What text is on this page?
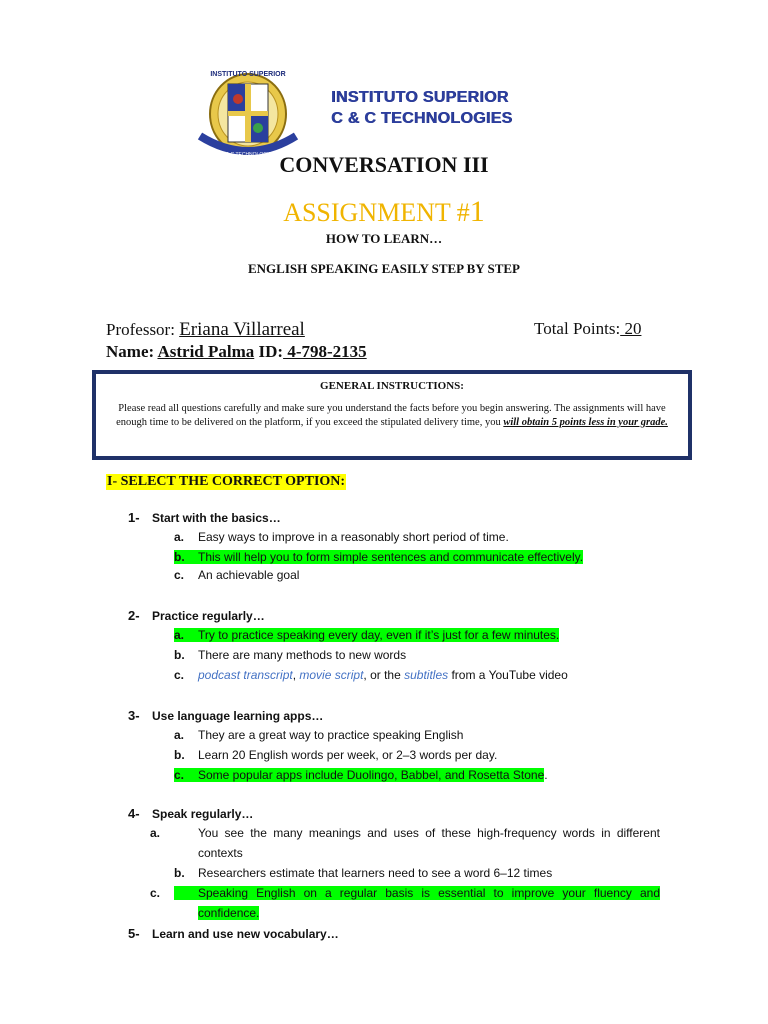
INSTITUTO SUPERIOR
C & C TECHNOLOGIES
INSTITUTO SUPERIOR
C & C TECHNOLOGIES
CONVERSATION III
ASSIGNMENT #1
HOW TO LEARN…
ENGLISH SPEAKING EASILY STEP BY STEP
Professor: Eriana Villarreal	Total Points: 20
Name: Astrid Palma ID: 4-798-2135
GENERAL INSTRUCTIONS:
Please read all questions carefully and make sure you understand the facts before you begin answering. The assignments will have enough time to be delivered on the platform, if you exceed the stipulated delivery time, you will obtain 5 points less in your grade.
I- SELECT THE CORRECT OPTION:
1- Start with the basics…
a. Easy ways to improve in a reasonably short period of time.
b. This will help you to form simple sentences and communicate effectively.
c. An achievable goal
2- Practice regularly…
a. Try to practice speaking every day, even if it’s just for a few minutes.
b. There are many methods to new words
c. podcast transcript, movie script, or the subtitles from a YouTube video
3- Use language learning apps…
a. They are a great way to practice speaking English
b. Learn 20 English words per week, or 2–3 words per day.
c. Some popular apps include Duolingo, Babbel, and Rosetta Stone.
4- Speak regularly…
a.	You see the many meanings and uses of these high-frequency words in different contexts
b. Researchers estimate that learners need to see a word 6–12 times
c.	Speaking English on a regular basis is essential to improve your fluency and confidence.
5- Learn and use new vocabulary…
